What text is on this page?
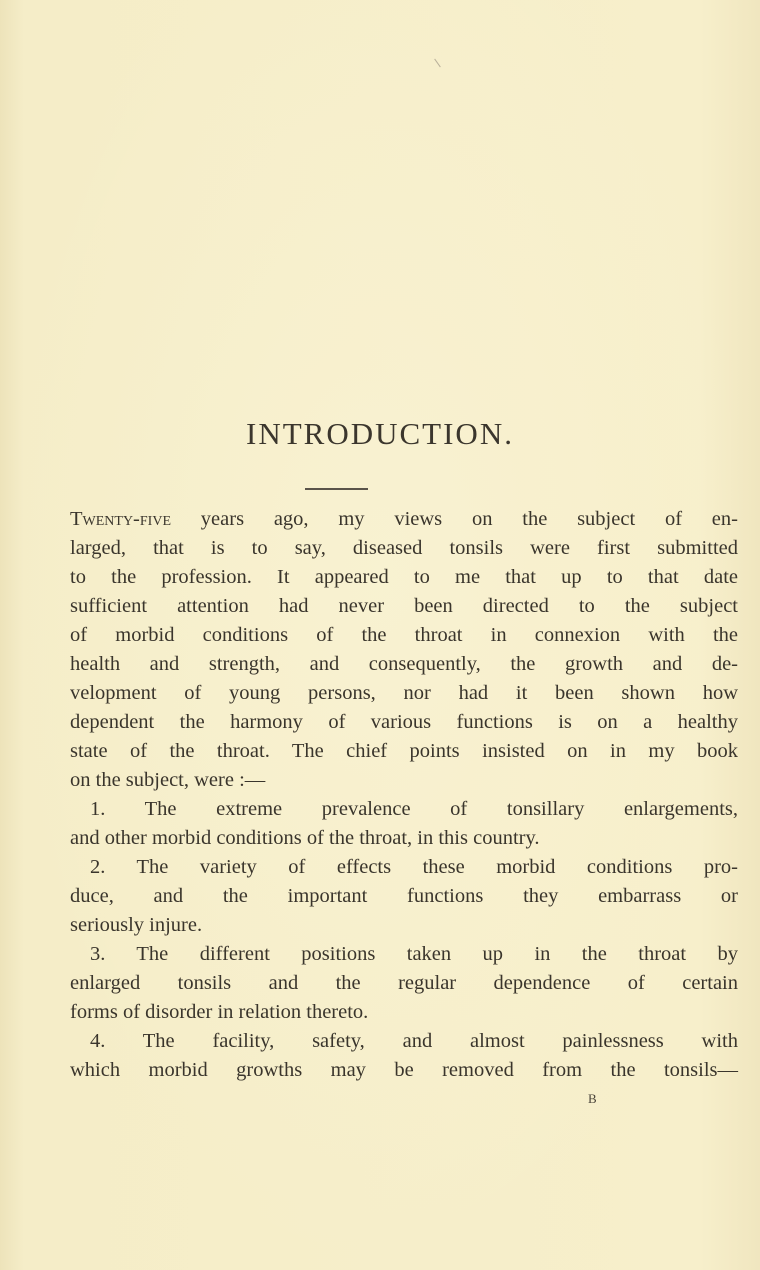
INTRODUCTION.
Twenty-five years ago, my views on the subject of en-
larged, that is to say, diseased tonsils were first submitted
to the profession. It appeared to me that up to that date
sufficient attention had never been directed to the subject
of morbid conditions of the throat in connexion with the
health and strength, and consequently, the growth and de-
velopment of young persons, nor had it been shown how
dependent the harmony of various functions is on a healthy
state of the throat. The chief points insisted on in my book
on the subject, were :—
1. The extreme prevalence of tonsillary enlargements,
and other morbid conditions of the throat, in this country.
2. The variety of effects these morbid conditions pro-
duce, and the important functions they embarrass or
seriously injure.
3. The different positions taken up in the throat by
enlarged tonsils and the regular dependence of certain
forms of disorder in relation thereto.
4. The facility, safety, and almost painlessness with
which morbid growths may be removed from the tonsils—
B
